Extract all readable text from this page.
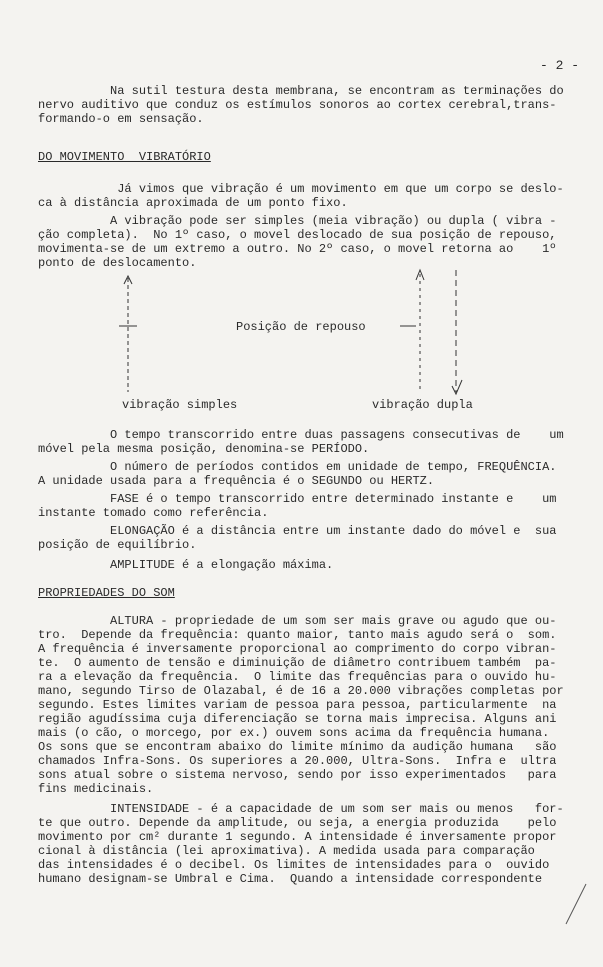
- 2 -
Na sutil testura desta membrana, se encontram as terminações do
nervo auditivo que conduz os estímulos sonoros ao cortex cerebral,trans-
formando-o em sensação.
DO MOVIMENTO  VIBRATÓRIO
Já vimos que vibração é um movimento em que um corpo se deslo-
ca à distância aproximada de um ponto fixo.
A vibração pode ser simples (meia vibração) ou dupla ( vibra -
ção completa).  No 1º caso, o movel deslocado de sua posição de repouso,
movimenta-se de um extremo a outro. No 2º caso, o movel retorna ao    1º
ponto de deslocamento.
Posição de repouso
vibração simples	vibração dupla
O tempo transcorrido entre duas passagens consecutivas de    um
móvel pela mesma posição, denomina-se PERÍODO.
O número de períodos contidos em unidade de tempo, FREQUÊNCIA.
A unidade usada para a frequência é o SEGUNDO ou HERTZ.
FASE é o tempo transcorrido entre determinado instante e    um
instante tomado como referência.
ELONGAÇÃO é a distância entre um instante dado do móvel e  sua
posição de equilíbrio.
AMPLITUDE é a elongação máxima.
PROPRIEDADES DO SOM
ALTURA - propriedade de um som ser mais grave ou agudo que ou-
tro.  Depende da frequência: quanto maior, tanto mais agudo será o  som.
A frequência é inversamente proporcional ao comprimento do corpo vibran-
te.  O aumento de tensão e diminuição de diâmetro contribuem também  pa-
ra a elevação da frequência.  O limite das frequências para o ouvido hu-
mano, segundo Tirso de Olazabal, é de 16 a 20.000 vibrações completas por
segundo. Estes limites variam de pessoa para pessoa, particularmente  na
região agudíssima cuja diferenciação se torna mais imprecisa. Alguns ani
mais (o cão, o morcego, por ex.) ouvem sons acima da frequência humana.
Os sons que se encontram abaixo do limite mínimo da audição humana   são
chamados Infra-Sons. Os superiores a 20.000, Ultra-Sons.  Infra e  ultra
sons atual sobre o sistema nervoso, sendo por isso experimentados   para
fins medicinais.
INTENSIDADE - é a capacidade de um som ser mais ou menos   for-
te que outro. Depende da amplitude, ou seja, a energia produzida    pelo
movimento por cm² durante 1 segundo. A intensidade é inversamente propor
cional à distância (lei aproximativa). A medida usada para comparação
das intensidades é o decibel. Os limites de intensidades para o  ouvido
humano designam-se Umbral e Cima.  Quando a intensidade correspondente
